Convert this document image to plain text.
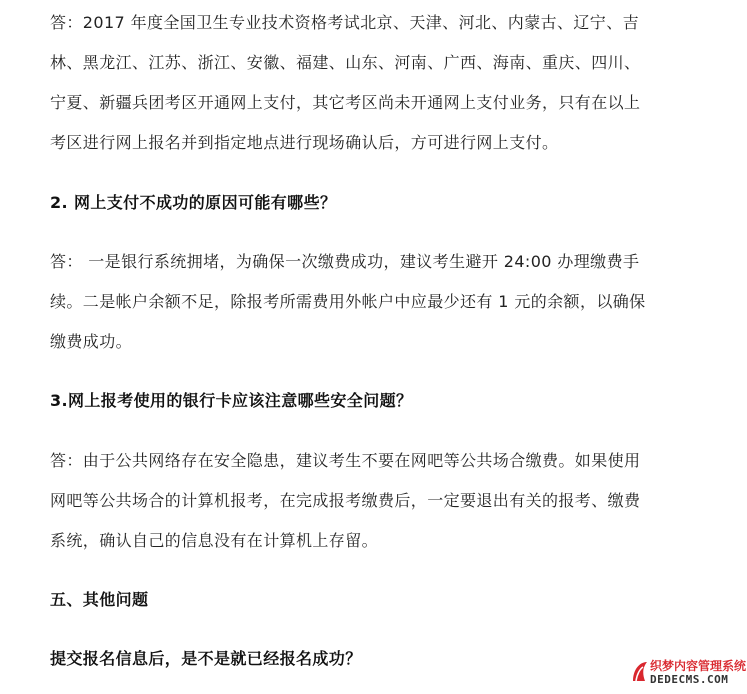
答：2017 年度全国卫生专业技术资格考试北京、天津、河北、内蒙古、辽宁、吉
林、黑龙江、江苏、浙江、安徽、福建、山东、河南、广西、海南、重庆、四川、
宁夏、新疆兵团考区开通网上支付，其它考区尚未开通网上支付业务，只有在以上
考区进行网上报名并到指定地点进行现场确认后，方可进行网上支付。
2. 网上支付不成功的原因可能有哪些？
答： 一是银行系统拥堵，为确保一次缴费成功，建议考生避开 24:00 办理缴费手
续。二是帐户余额不足，除报考所需费用外帐户中应最少还有 1 元的余额，以确保
缴费成功。
3.网上报考使用的银行卡应该注意哪些安全问题？
答：由于公共网络存在安全隐患，建议考生不要在网吧等公共场合缴费。如果使用
网吧等公共场合的计算机报考，在完成报考缴费后，一定要退出有关的报考、缴费
系统，确认自己的信息没有在计算机上存留。
五、其他问题
提交报名信息后，是不是就已经报名成功？	织梦内容管理系统
DEDECMS.COM
